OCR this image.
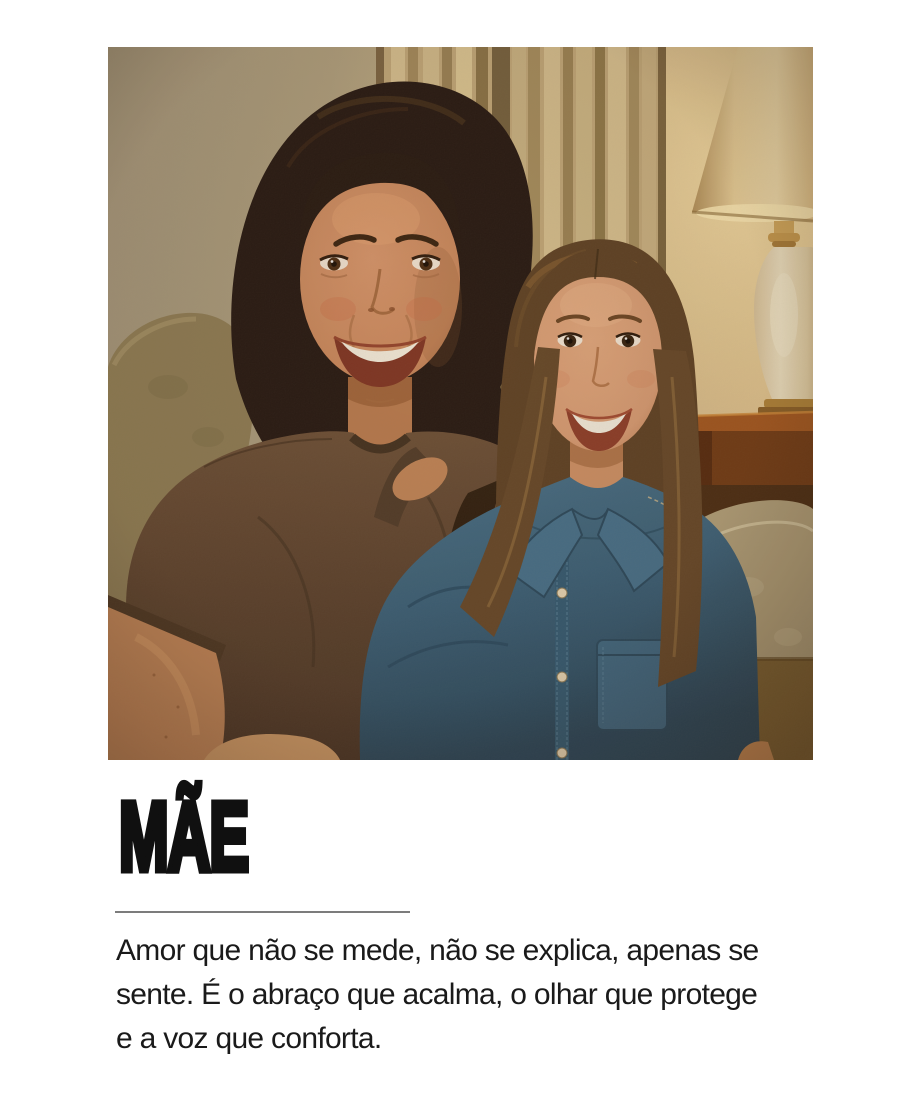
MÃE

Amor que não se mede, não se explica, apenas se
sente. É o abraço que acalma, o olhar que protege
e a voz que conforta.
